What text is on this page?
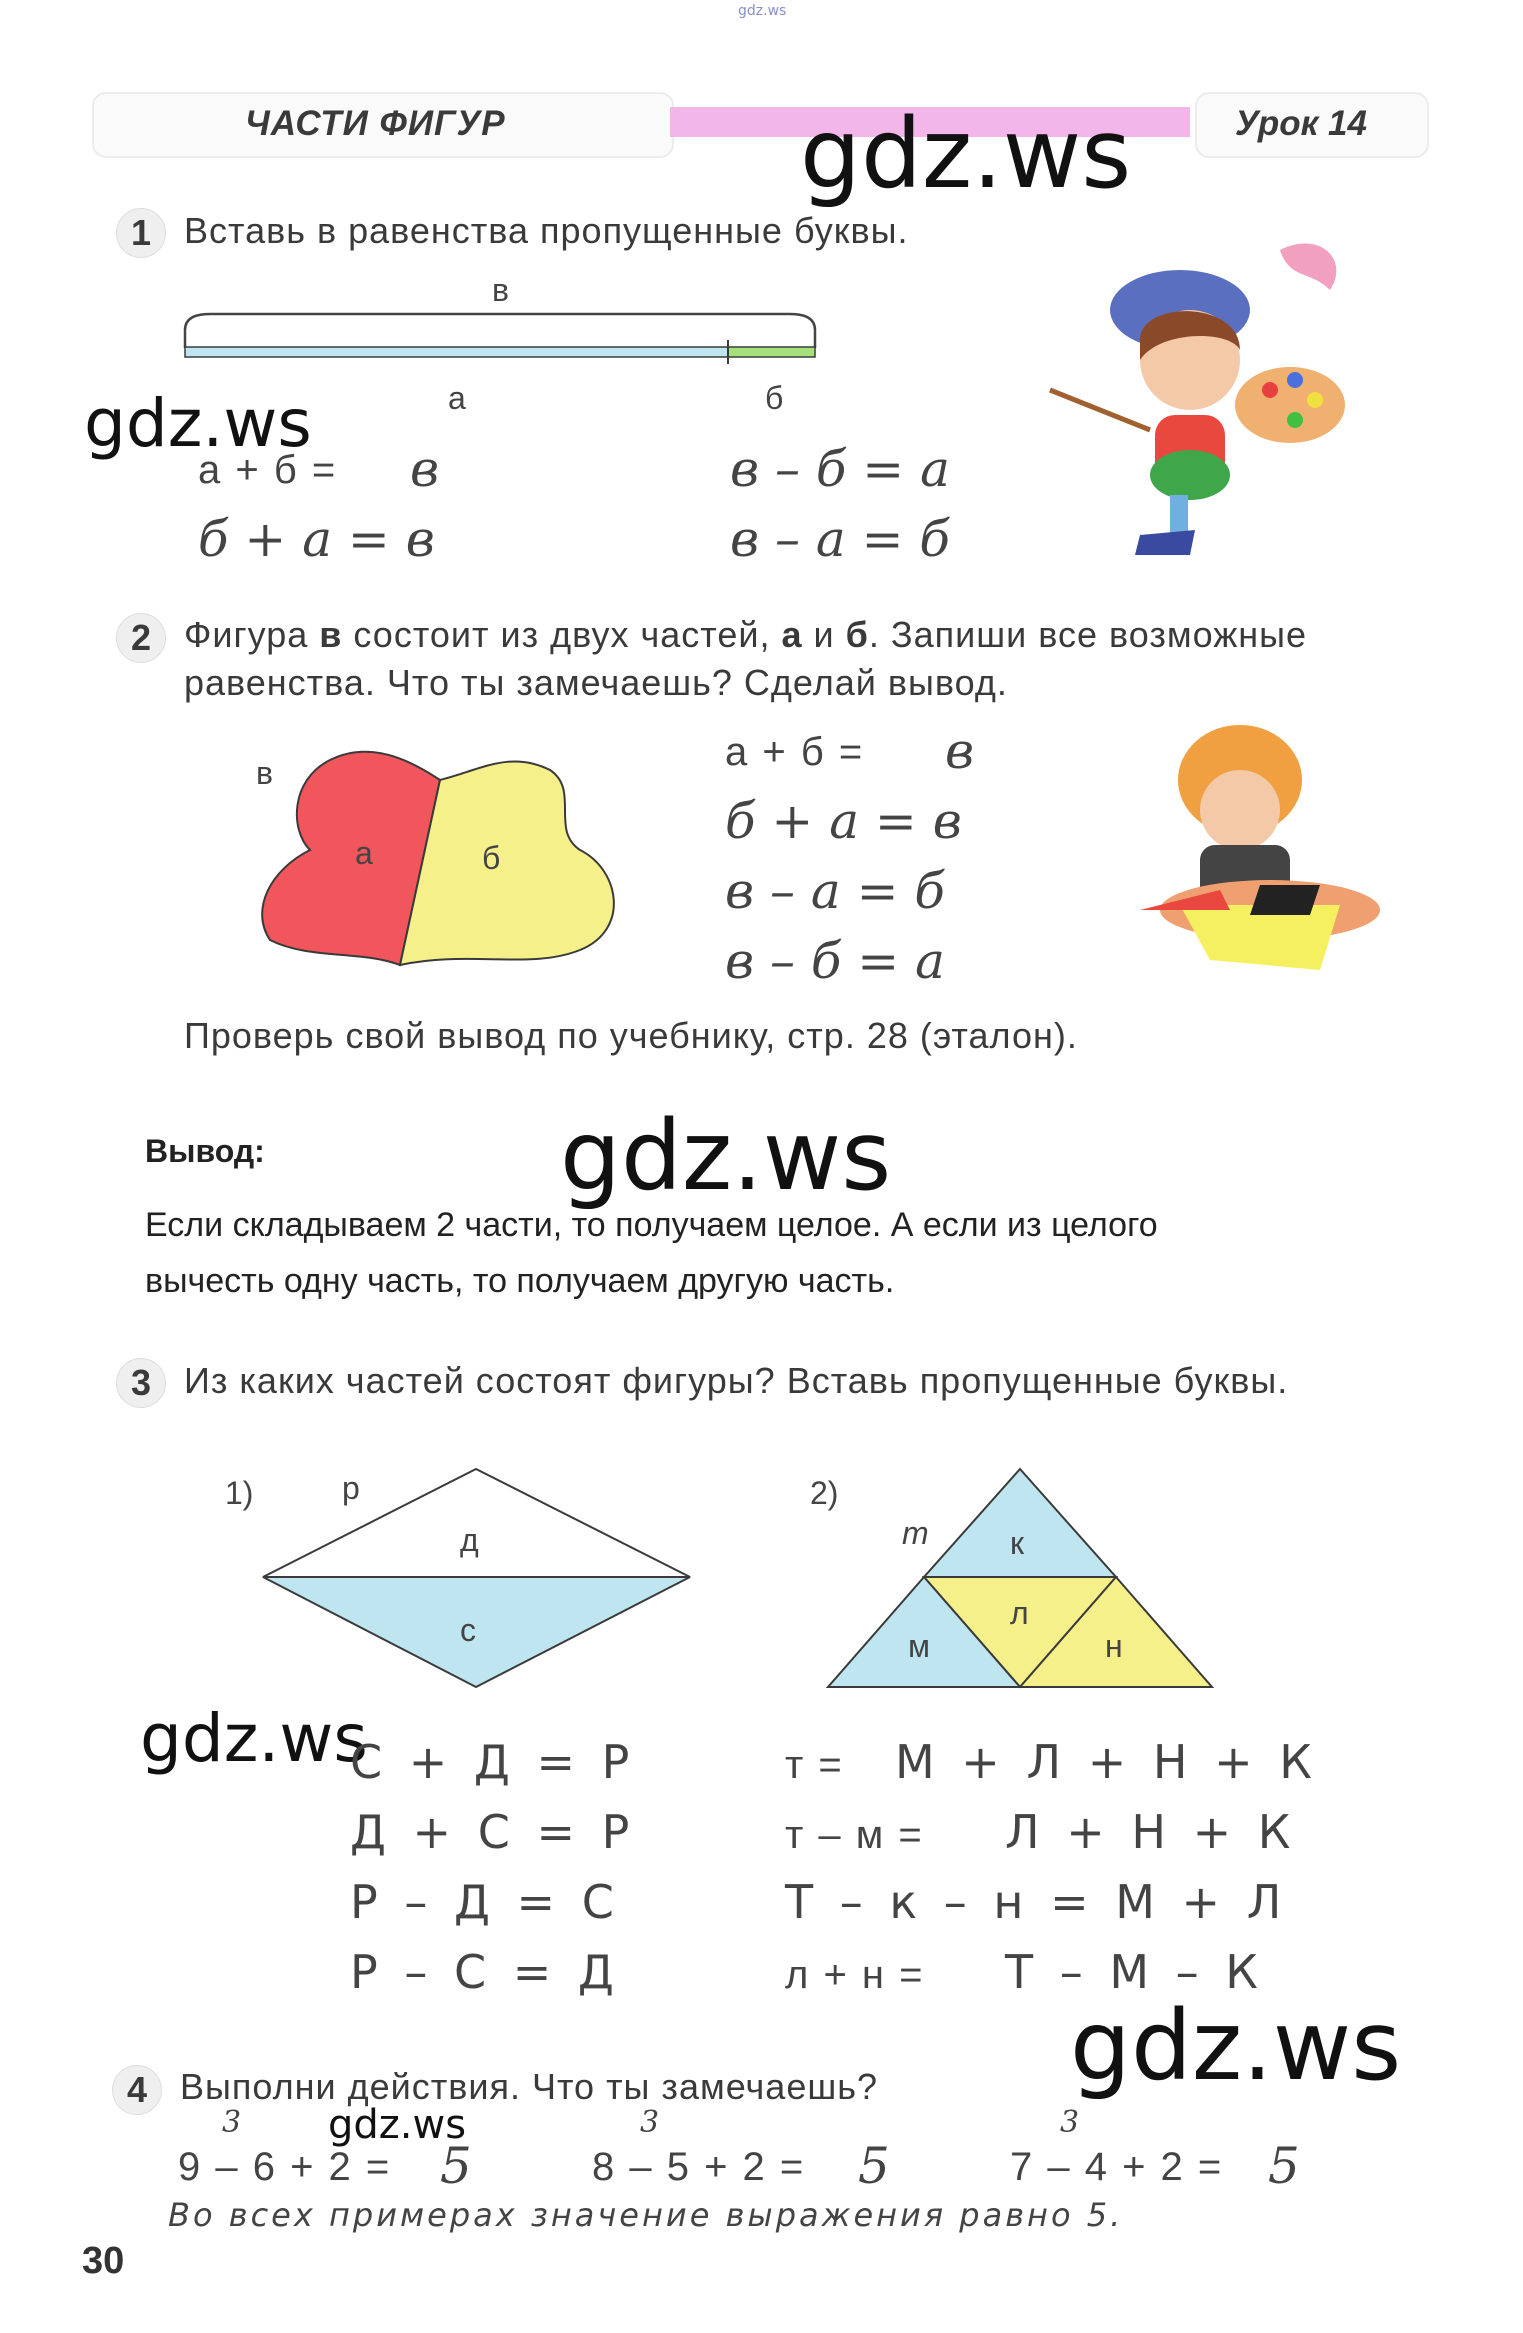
gdz.ws
ЧАСТИ ФИГУР	Урок 14
gdz.ws
gdz.ws
gdz.ws
gdz.ws
gdz.ws
gdz.ws
1 Вставь в равенства пропущенные буквы.
в
а	б
а + б = в
б + а = в
в – б = а
в – а = б
2 Фигура в состоит из двух частей, а и б. Запиши все возможные
равенства. Что ты замечаешь? Сделай вывод.
в
а	б
а + б = в
б + а = в
в – а = б
в – б = а
Проверь свой вывод по учебнику, стр. 28 (эталон).
Вывод:
Если складываем 2 части, то получаем целое. А если из целого
вычесть одну часть, то получаем другую часть.
3 Из каких частей состоят фигуры? Вставь пропущенные буквы.
1)	р
д
с
2)
т	к
л
м	н
С + Д = Р
Д + С = Р
Р – Д = С
Р – С = Д
т = М + Л + Н + К
т – м = Л + Н + К
Т – к – н = М + Л
л + н = Т – М – К
4 Выполни действия. Что ты замечаешь?
3
9 – 6 + 2 = 5
3
8 – 5 + 2 = 5
3
7 – 4 + 2 = 5
Во всех примерах значение выражения равно 5.
30
